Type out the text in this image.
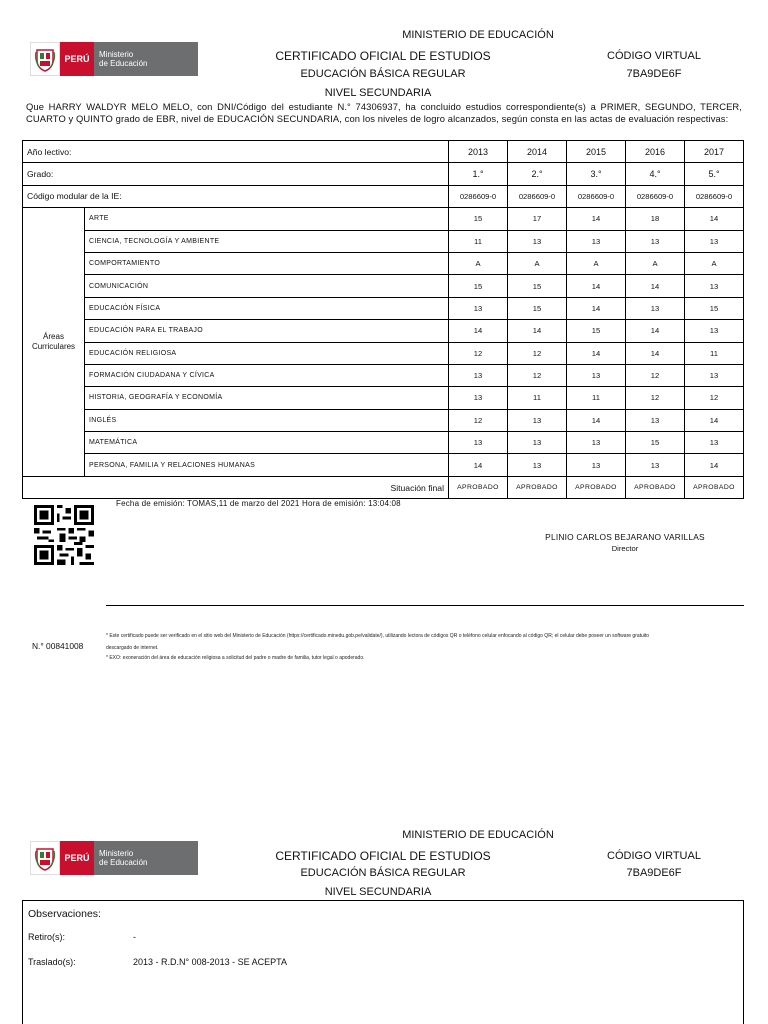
PERÚ	Ministerio
de Educación
MINISTERIO DE EDUCACIÓN
CERTIFICADO OFICIAL DE ESTUDIOS
EDUCACIÓN BÁSICA REGULAR
NIVEL SECUNDARIA
CÓDIGO VIRTUAL
7BA9DE6F
Que HARRY WALDYR MELO MELO, con DNI/Código del estudiante N.° 74306937, ha concluido estudios correspondiente(s) a PRIMER, SEGUNDO, TERCER, CUARTO y QUINTO grado de EBR, nivel de EDUCACIÓN SECUNDARIA, con los niveles de logro alcanzados, según consta en las actas de evaluación respectivas:
Año lectivo:		2013	2014	2015	2016	2017
Grado:		1.°	2.°	3.°	4.°	5.°
Código modular de la IE:		0286609-0	0286609-0	0286609-0	0286609-0	0286609-0

Áreas
Curriculares	ARTE	15	17	14	18	14
	CIENCIA, TECNOLOGÍA Y AMBIENTE	11	13	13	13	13
	COMPORTAMIENTO	A	A	A	A	A
	COMUNICACIÓN	15	15	14	14	13
	EDUCACIÓN FÍSICA	13	15	14	13	15
	EDUCACIÓN PARA EL TRABAJO	14	14	15	14	13
	EDUCACIÓN RELIGIOSA	12	12	14	14	11
	FORMACIÓN CIUDADANA Y CÍVICA	13	12	13	12	13
	HISTORIA, GEOGRAFÍA Y ECONOMÍA	13	11	11	12	12
	INGLÉS	12	13	14	13	14
	MATEMÁTICA	13	13	13	15	13
	PERSONA, FAMILIA Y RELACIONES HUMANAS	14	13	13	13	14
Situación final		APROBADO	APROBADO	APROBADO	APROBADO	APROBADO
Fecha de emisión: TOMAS,11 de marzo del 2021 Hora de emisión: 13:04:08
PLINIO CARLOS BEJARANO VARILLAS
Director
N.° 00841008
* Este certificado puede ser verificado en el sitio web del Ministerio de Educación (https://certificado.minedu.gob.pe/validate/), utilizando lectora de códigos QR o teléfono celular enfocando al código QR; el celular debe poseer un software gratuito
descargado de internet.
* EXO: exoneración del área de educación religiosa a solicitud del padre o madre de familia, tutor legal o apoderado.
PERÚ	Ministerio
de Educación
MINISTERIO DE EDUCACIÓN
CERTIFICADO OFICIAL DE ESTUDIOS
EDUCACIÓN BÁSICA REGULAR
NIVEL SECUNDARIA
CÓDIGO VIRTUAL
7BA9DE6F
Observaciones:
Retiro(s):	-
Traslado(s):	2013 - R.D.N° 008-2013 - SE ACEPTA
